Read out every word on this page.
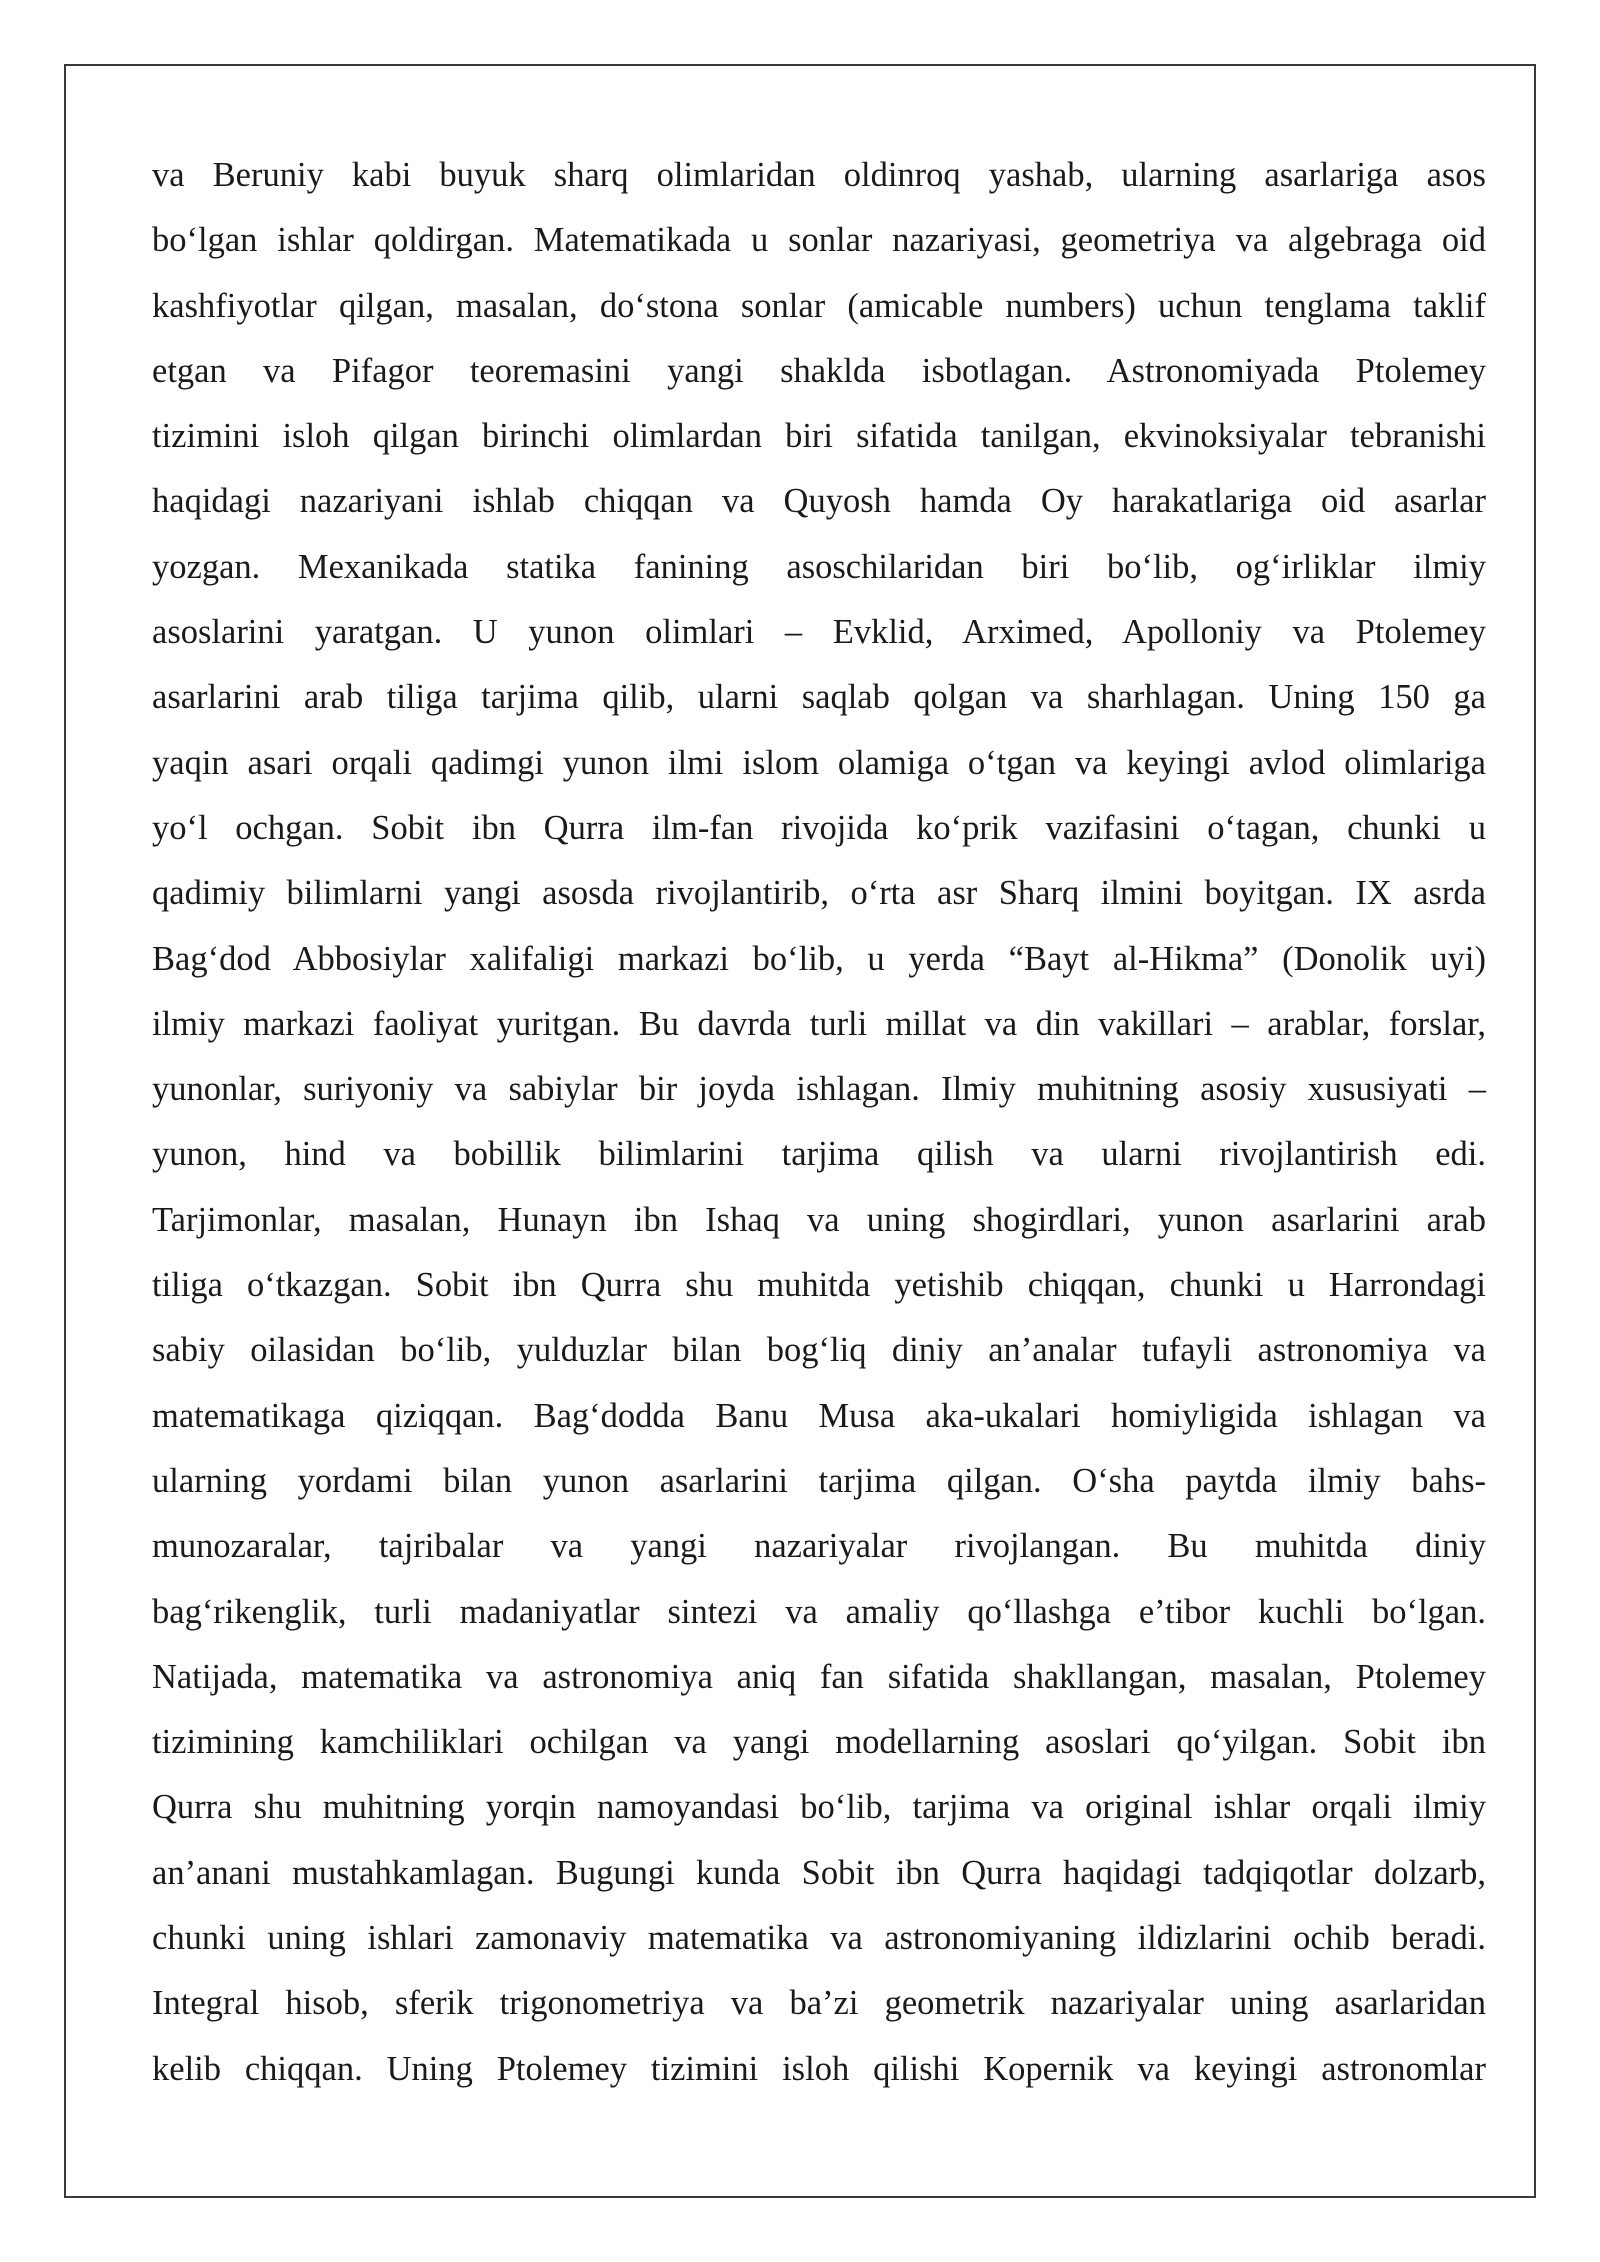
va Beruniy kabi buyuk sharq olimlaridan oldinroq yashab, ularning asarlariga asos
bo‘lgan ishlar qoldirgan. Matematikada u sonlar nazariyasi, geometriya va algebraga oid
kashfiyotlar qilgan, masalan, do‘stona sonlar (amicable numbers) uchun tenglama taklif
etgan va Pifagor teoremasini yangi shaklda isbotlagan. Astronomiyada Ptolemey
tizimini isloh qilgan birinchi olimlardan biri sifatida tanilgan, ekvinoksiyalar tebranishi
haqidagi nazariyani ishlab chiqqan va Quyosh hamda Oy harakatlariga oid asarlar
yozgan. Mexanikada statika fanining asoschilaridan biri bo‘lib, og‘irliklar ilmiy
asoslarini yaratgan. U yunon olimlari – Evklid, Arximed, Apolloniy va Ptolemey
asarlarini arab tiliga tarjima qilib, ularni saqlab qolgan va sharhlagan. Uning 150 ga
yaqin asari orqali qadimgi yunon ilmi islom olamiga o‘tgan va keyingi avlod olimlariga
yo‘l ochgan. Sobit ibn Qurra ilm-fan rivojida ko‘prik vazifasini o‘tagan, chunki u
qadimiy bilimlarni yangi asosda rivojlantirib, o‘rta asr Sharq ilmini boyitgan. IX asrda
Bag‘dod Abbosiylar xalifaligi markazi bo‘lib, u yerda “Bayt al-Hikma” (Donolik uyi)
ilmiy markazi faoliyat yuritgan. Bu davrda turli millat va din vakillari – arablar, forslar,
yunonlar, suriyoniy va sabiylar bir joyda ishlagan. Ilmiy muhitning asosiy xususiyati –
yunon, hind va bobillik bilimlarini tarjima qilish va ularni rivojlantirish edi.
Tarjimonlar, masalan, Hunayn ibn Ishaq va uning shogirdlari, yunon asarlarini arab
tiliga o‘tkazgan. Sobit ibn Qurra shu muhitda yetishib chiqqan, chunki u Harrondagi
sabiy oilasidan bo‘lib, yulduzlar bilan bog‘liq diniy an’analar tufayli astronomiya va
matematikaga qiziqqan. Bag‘dodda Banu Musa aka-ukalari homiyligida ishlagan va
ularning yordami bilan yunon asarlarini tarjima qilgan. O‘sha paytda ilmiy bahs-
munozaralar, tajribalar va yangi nazariyalar rivojlangan. Bu muhitda diniy
bag‘rikenglik, turli madaniyatlar sintezi va amaliy qo‘llashga e’tibor kuchli bo‘lgan.
Natijada, matematika va astronomiya aniq fan sifatida shakllangan, masalan, Ptolemey
tizimining kamchiliklari ochilgan va yangi modellarning asoslari qo‘yilgan. Sobit ibn
Qurra shu muhitning yorqin namoyandasi bo‘lib, tarjima va original ishlar orqali ilmiy
an’anani mustahkamlagan. Bugungi kunda Sobit ibn Qurra haqidagi tadqiqotlar dolzarb,
chunki uning ishlari zamonaviy matematika va astronomiyaning ildizlarini ochib beradi.
Integral hisob, sferik trigonometriya va ba’zi geometrik nazariyalar uning asarlaridan
kelib chiqqan. Uning Ptolemey tizimini isloh qilishi Kopernik va keyingi astronomlar
